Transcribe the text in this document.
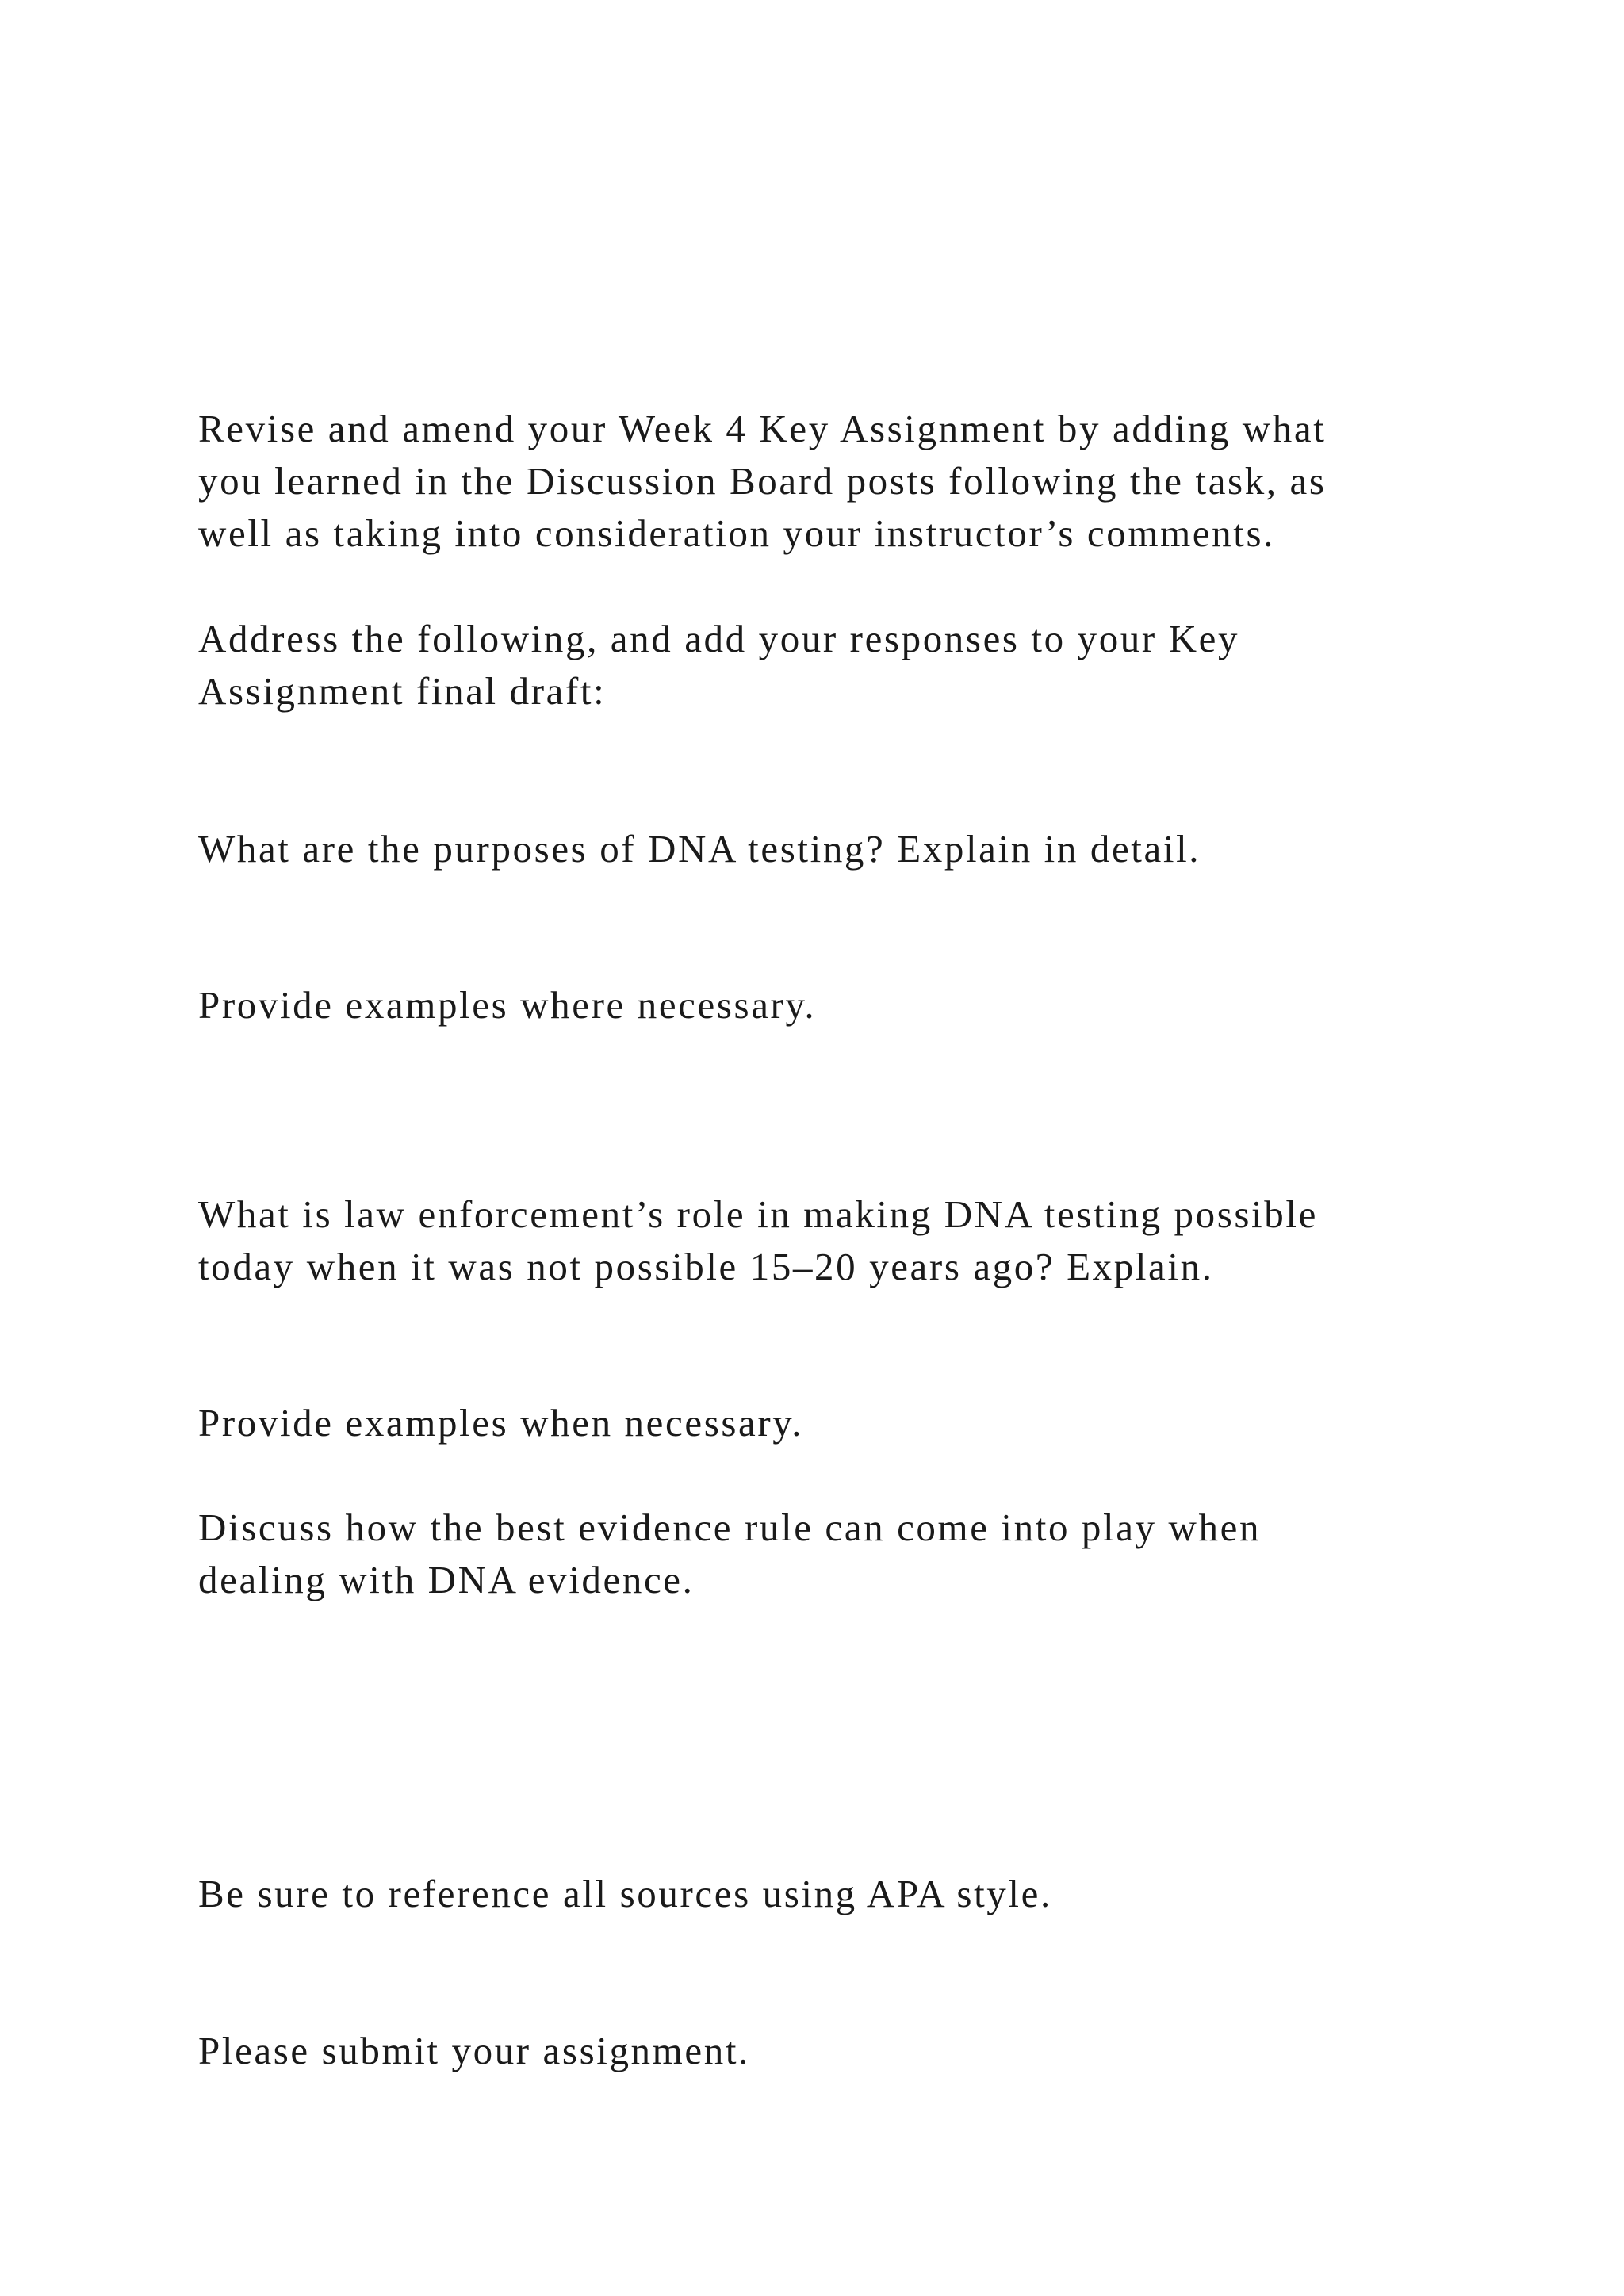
Revise and amend your Week 4 Key Assignment by adding what
you learned in the Discussion Board posts following the task, as
well as taking into consideration your instructor’s comments.

Address the following, and add your responses to your Key
Assignment final draft:

What are the purposes of DNA testing? Explain in detail.

Provide examples where necessary.

What is law enforcement’s role in making DNA testing possible
today when it was not possible 15–20 years ago? Explain.

Provide examples when necessary.

Discuss how the best evidence rule can come into play when
dealing with DNA evidence.

Be sure to reference all sources using APA style.

Please submit your assignment.
